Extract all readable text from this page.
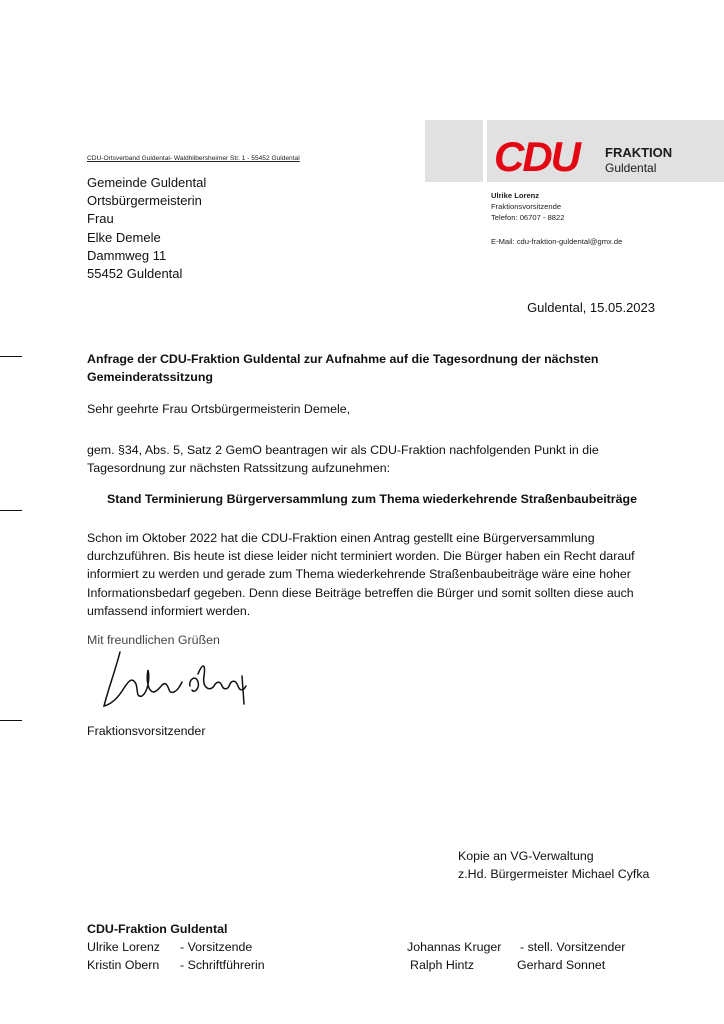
CDU FRAKTION
Guldental
CDU-Ortsverband Guldental- Waldhilbersheimer Str. 1 - 55452 Guldental
Gemeinde Guldental
Ortsbürgermeisterin
Frau
Elke Demele
Dammweg 11
55452 Guldental
Ulrike Lorenz
Fraktionsvorsitzende
Telefon: 06707 - 8822
E-Mail: cdu-fraktion-guldental@gmx.de
Guldental, 15.05.2023
Anfrage der CDU-Fraktion Guldental zur Aufnahme auf die Tagesordnung der nächsten Gemeinderatssitzung
Sehr geehrte Frau Ortsbürgermeisterin Demele,
gem. §34, Abs. 5, Satz 2 GemO beantragen wir als CDU-Fraktion nachfolgenden Punkt in die Tagesordnung zur nächsten Ratssitzung aufzunehmen:
Stand Terminierung Bürgerversammlung zum Thema wiederkehrende Straßenbaubeiträge
Schon im Oktober 2022 hat die CDU-Fraktion einen Antrag gestellt eine Bürgerversammlung durchzuführen. Bis heute ist diese leider nicht terminiert worden. Die Bürger haben ein Recht darauf informiert zu werden und gerade zum Thema wiederkehrende Straßenbaubeiträge wäre eine hoher Informationsbedarf gegeben. Denn diese Beiträge betreffen die Bürger und somit sollten diese auch umfassend informiert werden.
Mit freundlichen Grüßen
Fraktionsvorsitzender
Kopie an VG-Verwaltung
z.Hd. Bürgermeister Michael Cyfka
CDU-Fraktion Guldental
Ulrike Lorenz - Vorsitzende
Kristin Obern - Schriftführerin
Johannas Kruger - stell. Vorsitzender
Ralph Hintz	Gerhard Sonnet
